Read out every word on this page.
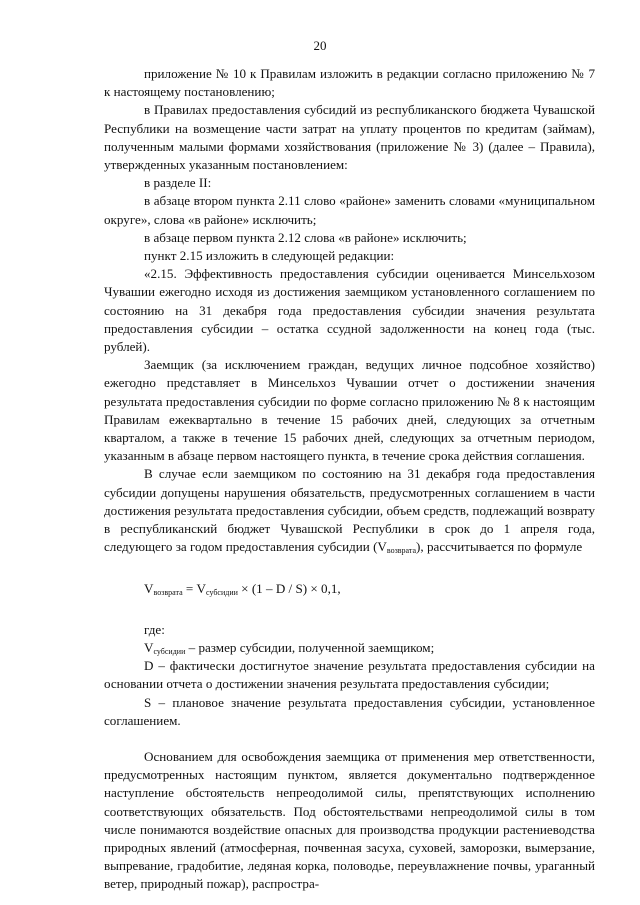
20

приложение № 10 к Правилам изложить в редакции согласно приложению № 7 к настоящему постановлению;

в Правилах предоставления субсидий из республиканского бюджета Чувашской Республики на возмещение части затрат на уплату процентов по кредитам (займам), полученным малыми формами хозяйствования (приложение № 3) (далее – Правила), утвержденных указанным постановлением:

в разделе II:

в абзаце втором пункта 2.11 слово «районе» заменить словами «муниципальном округе», слова «в районе» исключить;

в абзаце первом пункта 2.12 слова «в районе» исключить;

пункт 2.15 изложить в следующей редакции:

«2.15. Эффективность предоставления субсидии оценивается Минсельхозом Чувашии ежегодно исходя из достижения заемщиком установленного соглашением по состоянию на 31 декабря года предоставления субсидии значения результата предоставления субсидии – остатка ссудной задолженности на конец года (тыс. рублей).

Заемщик (за исключением граждан, ведущих личное подсобное хозяйство) ежегодно представляет в Минсельхоз Чувашии отчет о достижении значения результата предоставления субсидии по форме согласно приложению № 8 к настоящим Правилам ежеквартально в течение 15 рабочих дней, следующих за отчетным кварталом, а также в течение 15 рабочих дней, следующих за отчетным периодом, указанным в абзаце первом настоящего пункта, в течение срока действия соглашения.

В случае если заемщиком по состоянию на 31 декабря года предоставления субсидии допущены нарушения обязательств, предусмотренных соглашением в части достижения результата предоставления субсидии, объем средств, подлежащий возврату в республиканский бюджет Чувашской Республики в срок до 1 апреля года, следующего за годом предоставления субсидии $(V_{возврата})$, рассчитывается по формуле

$V_{возврата} = V_{субсидии} \times (1 - D / S) \times 0,1$,

где:

$V_{субсидии}$ – размер субсидии, полученной заемщиком;

D – фактически достигнутое значение результата предоставления субсидии на основании отчета о достижении значения результата предоставления субсидии;

S – плановое значение результата предоставления субсидии, установленное соглашением.

Основанием для освобождения заемщика от применения мер ответственности, предусмотренных настоящим пунктом, является документально подтвержденное наступление обстоятельств непреодолимой силы, препятствующих исполнению соответствующих обязательств. Под обстоятельствами непреодолимой силы в том числе понимаются воздействие опасных для производства продукции растениеводства природных явлений (атмосферная, почвенная засуха, суховей, заморозки, вымерзание, выпревание, градобитие, ледяная корка, половодье, переувлажнение почвы, ураганный ветер, природный пожар), распростра-
